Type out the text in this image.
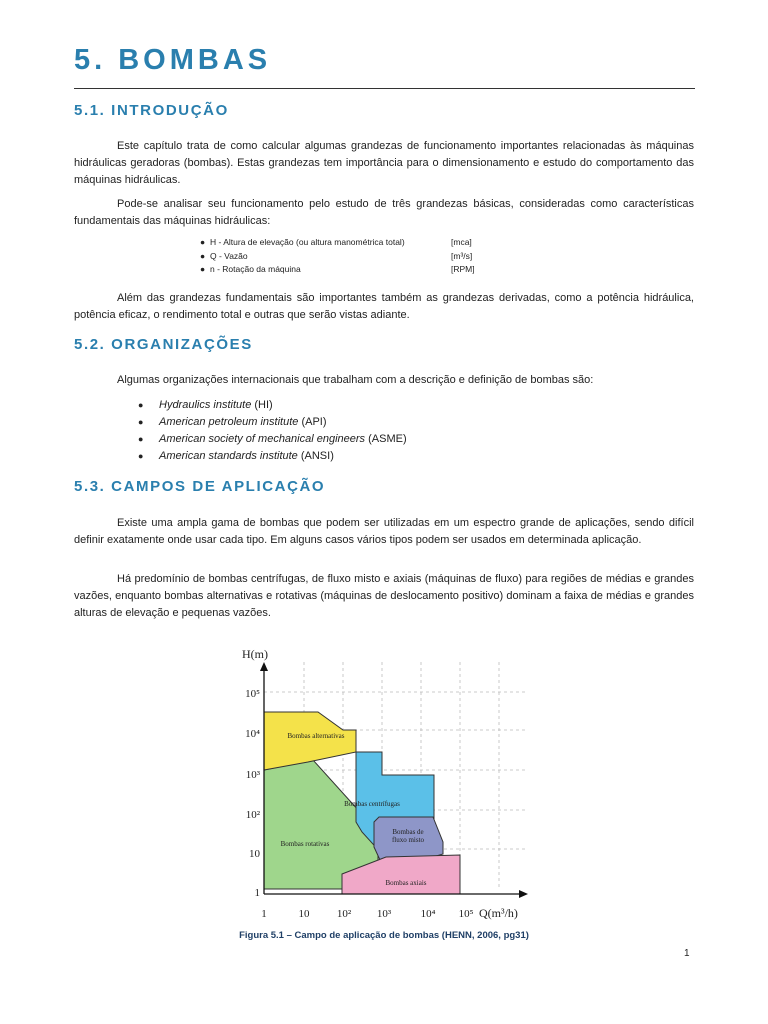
5. BOMBAS
5.1. INTRODUÇÃO

Este capítulo trata de como calcular algumas grandezas de funcionamento importantes relacionadas às máquinas hidráulicas geradoras (bombas). Estas grandezas tem importância para o dimensionamento e estudo do comportamento das máquinas hidráulicas.

Pode-se analisar seu funcionamento pelo estudo de três grandezas básicas, consideradas como características fundamentais das máquinas hidráulicas:

● H - Altura de elevação (ou altura manométrica total)	[mca]
● Q - Vazão	[m³/s]
● n - Rotação da máquina	[RPM]

Além das grandezas fundamentais são importantes também as grandezas derivadas, como a potência hidráulica, potência eficaz, o rendimento total e outras que serão vistas adiante.

5.2. ORGANIZAÇÕES

Algumas organizações internacionais que trabalham com a descrição e definição de bombas são:

● Hydraulics institute (HI)
● American petroleum institute (API)
● American society of mechanical engineers (ASME)
● American standards institute (ANSI)
5.3. CAMPOS DE APLICAÇÃO

Existe uma ampla gama de bombas que podem ser utilizadas em um espectro grande de aplicações, sendo difícil definir exatamente onde usar cada tipo. Em alguns casos vários tipos podem ser usados em determinada aplicação.

Há predomínio de bombas centrífugas, de fluxo misto e axiais (máquinas de fluxo) para regiões de médias e grandes vazões, enquanto bombas alternativas e rotativas (máquinas de deslocamento positivo) dominam a faixa de médias e grandes alturas de elevação e pequenas vazões.

Bombas alternativas
Bombas centrífugas
Bombas rotativas
Bombas de fluxo misto
Bombas axiais
H(m)
Q(m³/h)
1
10
10²
10³
10⁴
10⁵
1	10 10² 10³	10⁴ 10⁵
Figura 5.1 – Campo de aplicação de bombas (HENN, 2006, pg31)
1
